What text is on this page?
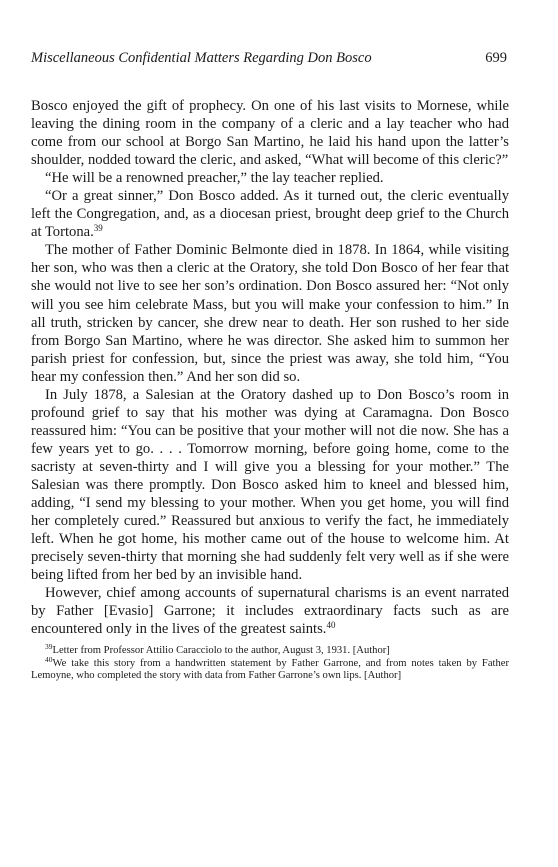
Miscellaneous Confidential Matters Regarding Don Bosco	699

Bosco enjoyed the gift of prophecy. On one of his last visits to Mornese, while leaving the dining room in the company of a cleric and a lay teacher who had come from our school at Borgo San Martino, he laid his hand upon the latter’s shoulder, nodded toward the cleric, and asked, “What will become of this cleric?”

“He will be a renowned preacher,” the lay teacher replied.

“Or a great sinner,” Don Bosco added. As it turned out, the cleric eventually left the Congregation, and, as a diocesan priest, brought deep grief to the Church at Tortona.$^{39}$

The mother of Father Dominic Belmonte died in 1878. In 1864, while visiting her son, who was then a cleric at the Oratory, she told Don Bosco of her fear that she would not live to see her son’s ordination. Don Bosco assured her: “Not only will you see him celebrate Mass, but you will make your confession to him.” In all truth, stricken by cancer, she drew near to death. Her son rushed to her side from Borgo San Martino, where he was director. She asked him to summon her parish priest for confession, but, since the priest was away, she told him, “You hear my confession then.” And her son did so.

In July 1878, a Salesian at the Oratory dashed up to Don Bosco’s room in profound grief to say that his mother was dying at Caramagna. Don Bosco reassured him: “You can be positive that your mother will not die now. She has a few years yet to go. . . . Tomorrow morning, before going home, come to the sacristy at seven-thirty and I will give you a blessing for your mother.” The Salesian was there promptly. Don Bosco asked him to kneel and blessed him, adding, “I send my blessing to your mother. When you get home, you will find her completely cured.” Reassured but anxious to verify the fact, he immediately left. When he got home, his mother came out of the house to welcome him. At precisely seven-thirty that morning she had suddenly felt very well as if she were being lifted from her bed by an invisible hand.

However, chief among accounts of supernatural charisms is an event narrated by Father [Evasio] Garrone; it includes extraordinary facts such as are encountered only in the lives of the greatest saints.$^{40}$

$^{39}$Letter from Professor Attilio Caracciolo to the author, August 3, 1931. [Author]

$^{40}$We take this story from a handwritten statement by Father Garrone, and from notes taken by Father Lemoyne, who completed the story with data from Father Garrone’s own lips. [Author]
